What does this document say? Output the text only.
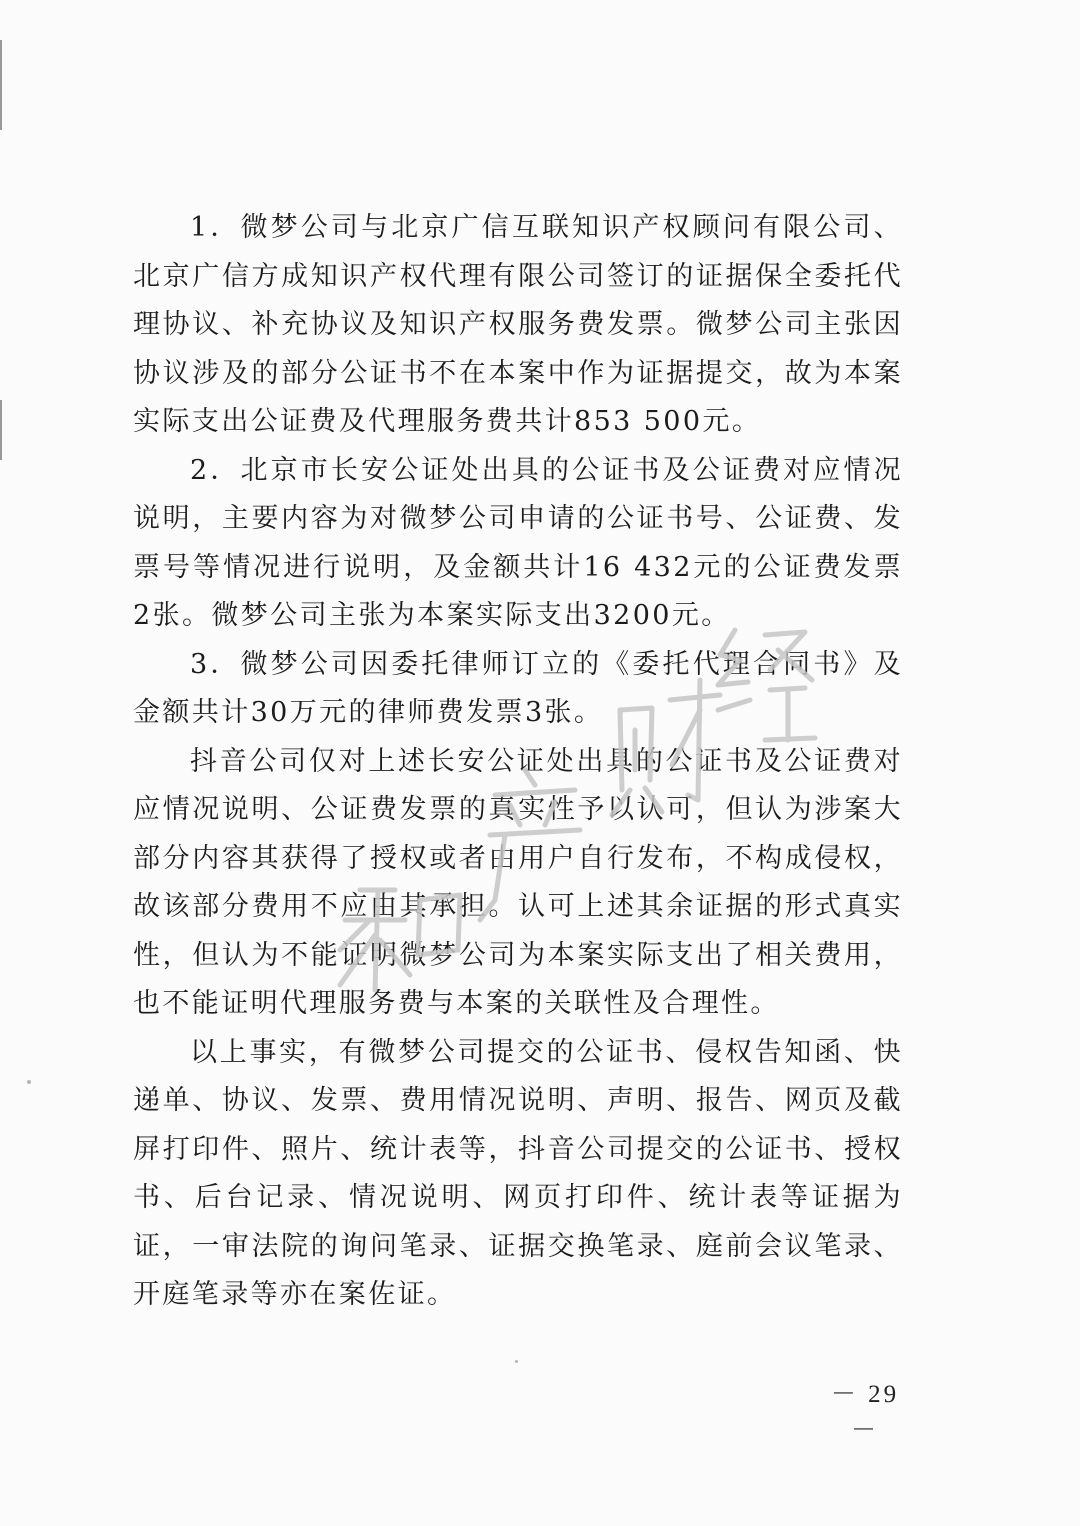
1．微梦公司与北京广信互联知识产权顾问有限公司、北京广信方成知识产权代理有限公司签订的证据保全委托代理协议、补充协议及知识产权服务费发票。微梦公司主张因协议涉及的部分公证书不在本案中作为证据提交，故为本案实际支出公证费及代理服务费共计853 500元。

2．北京市长安公证处出具的公证书及公证费对应情况说明，主要内容为对微梦公司申请的公证书号、公证费、发票号等情况进行说明，及金额共计16 432元的公证费发票2张。微梦公司主张为本案实际支出3200元。

3．微梦公司因委托律师订立的《委托代理合同书》及金额共计30万元的律师费发票3张。

抖音公司仅对上述长安公证处出具的公证书及公证费对应情况说明、公证费发票的真实性予以认可，但认为涉案大部分内容其获得了授权或者由用户自行发布，不构成侵权，故该部分费用不应由其承担。认可上述其余证据的形式真实性，但认为不能证明微梦公司为本案实际支出了相关费用，也不能证明代理服务费与本案的关联性及合理性。

以上事实，有微梦公司提交的公证书、侵权告知函、快递单、协议、发票、费用情况说明、声明、报告、网页及截屏打印件、照片、统计表等，抖音公司提交的公证书、授权书、后台记录、情况说明、网页打印件、统计表等证据为证，一审法院的询问笔录、证据交换笔录、庭前会议笔录、开庭笔录等亦在案佐证。

－ 29 －
